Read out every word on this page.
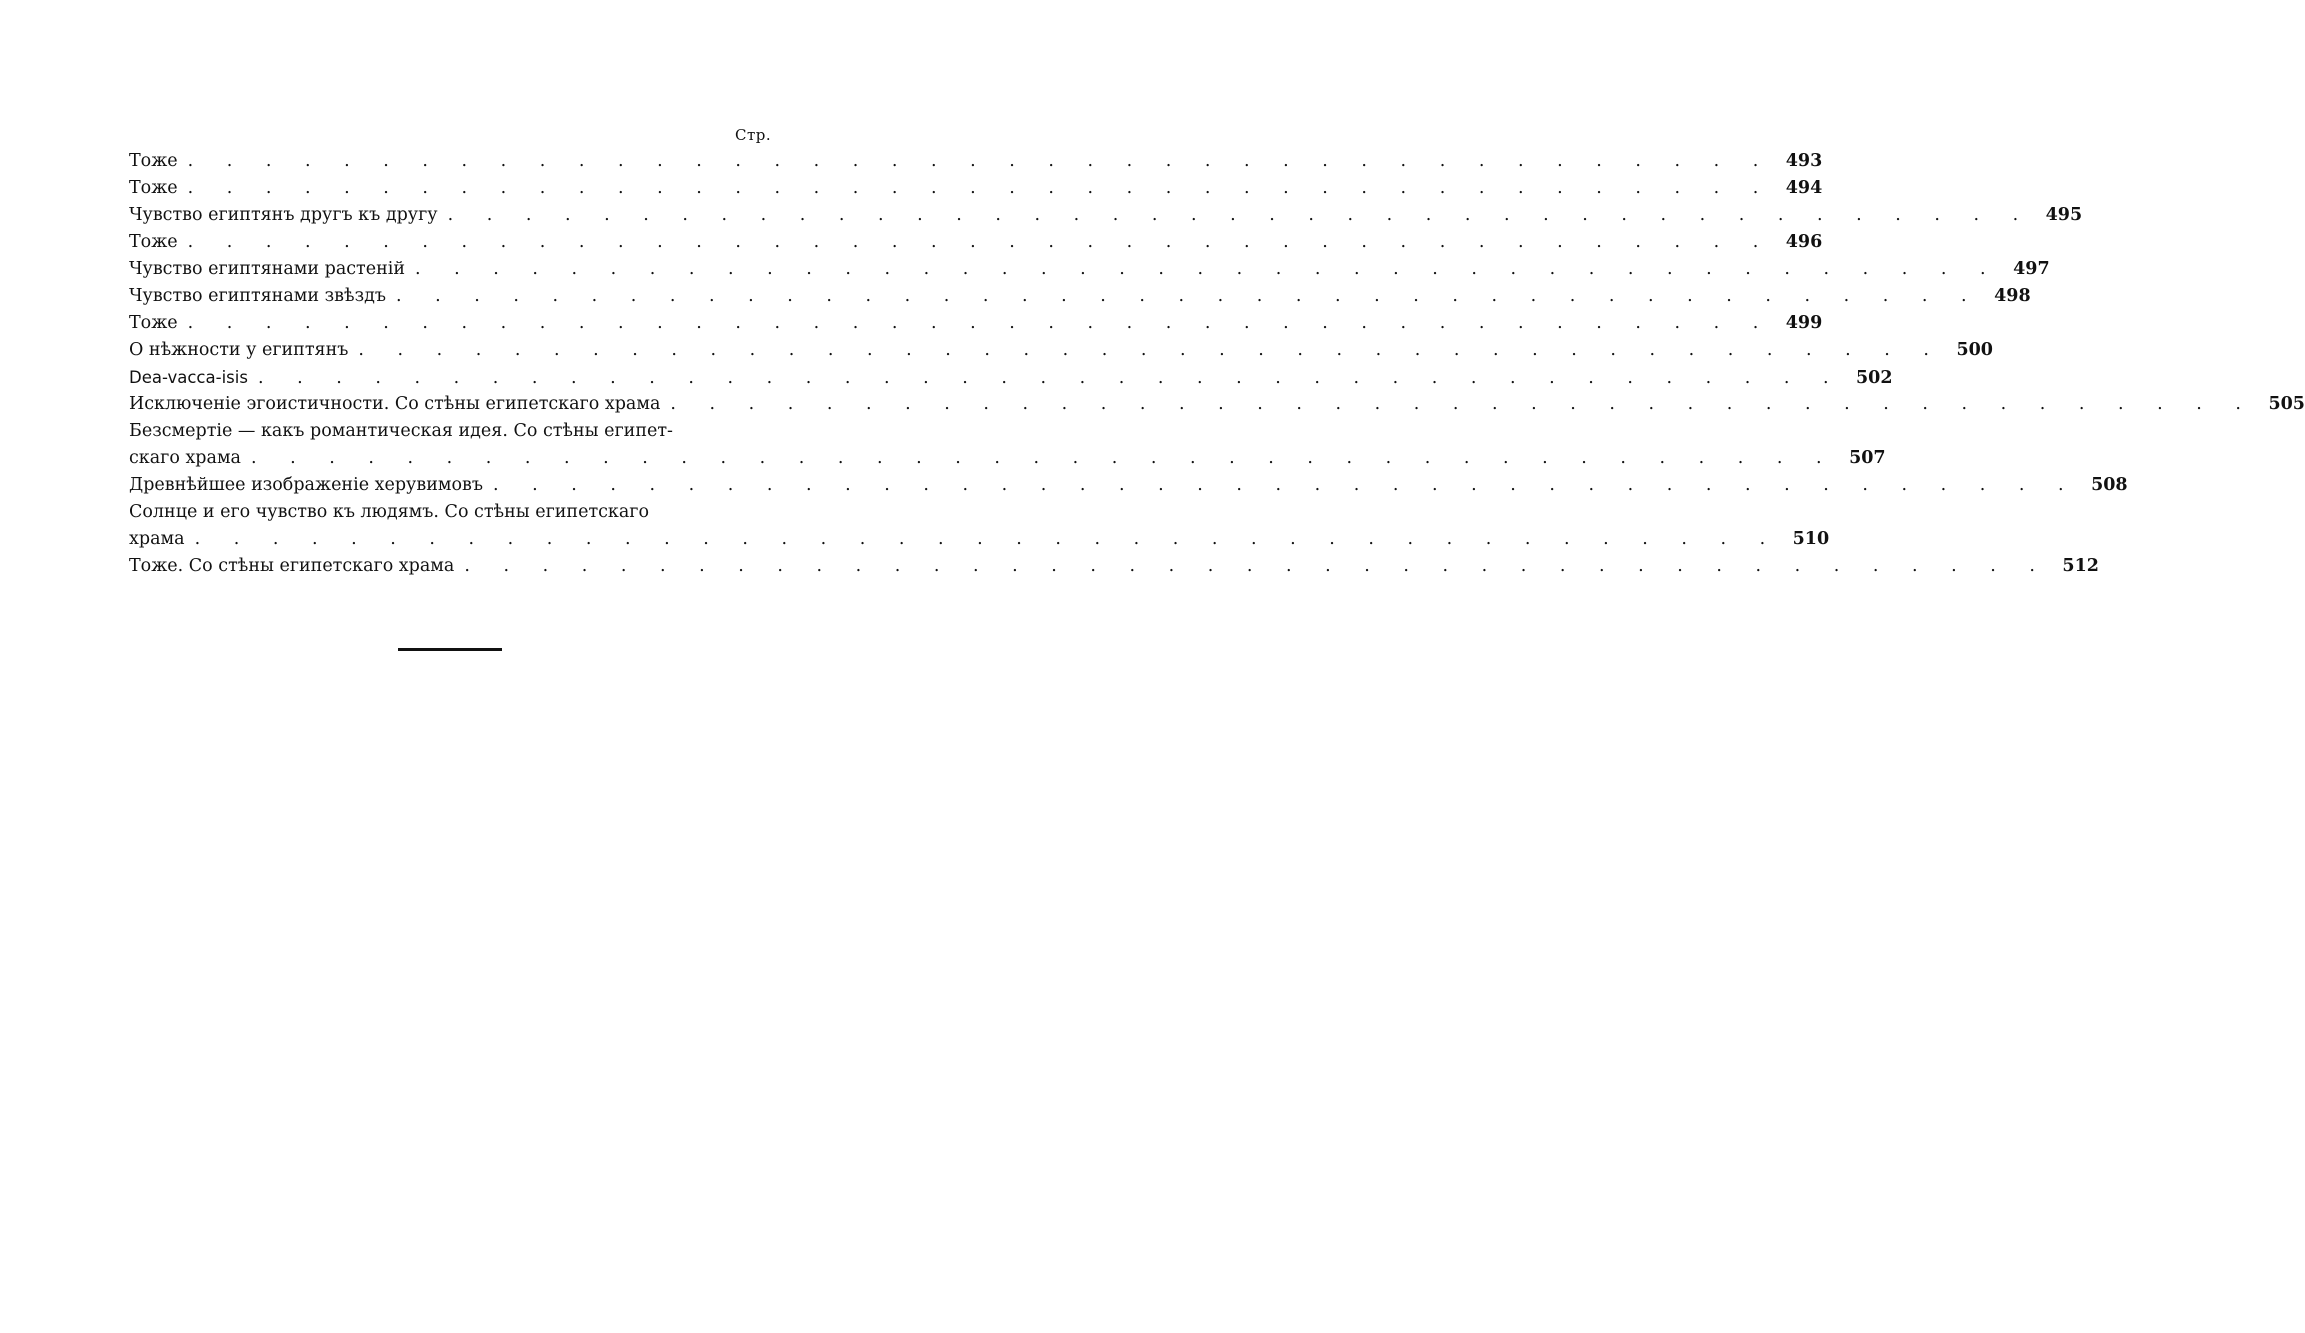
Стр.
Тоже . . . . . . . . . . . . . . . . . . . . . . . . . . . . . . . . . . . . . . . . . 493
Тоже . . . . . . . . . . . . . . . . . . . . . . . . . . . . . . . . . . . . . . . . . 494
Чувство египтянъ другъ къ другу . . . . . . . . . . . . . . . . . . . . . . . . . . . . . . . . . . . . . . . . . 495
Тоже . . . . . . . . . . . . . . . . . . . . . . . . . . . . . . . . . . . . . . . . . 496
Чувство египтянами растенiй . . . . . . . . . . . . . . . . . . . . . . . . . . . . . . . . . . . . . . . . . 497
Чувство египтянами звѣздъ . . . . . . . . . . . . . . . . . . . . . . . . . . . . . . . . . . . . . . . . . 498
Тоже . . . . . . . . . . . . . . . . . . . . . . . . . . . . . . . . . . . . . . . . . 499
О нѣжности у египтянъ . . . . . . . . . . . . . . . . . . . . . . . . . . . . . . . . . . . . . . . . . 500
Dea-vacca-isis . . . . . . . . . . . . . . . . . . . . . . . . . . . . . . . . . . . . . . . . . 502
Исключенiе эгоистичности. Со стѣны египетскаго храма . . . . . . . . . . . . . . . . . . . . . . . . . . . . . . . . . . . . . . . . . 505
Безсмертiе — какъ романтическая идея. Со стѣны египет-
скаго храма . . . . . . . . . . . . . . . . . . . . . . . . . . . . . . . . . . . . . . . . . 507
Древнѣйшее изображенiе херувимовъ . . . . . . . . . . . . . . . . . . . . . . . . . . . . . . . . . . . . . . . . . 508
Солнце и его чувство къ людямъ. Со стѣны египетскаго
храма . . . . . . . . . . . . . . . . . . . . . . . . . . . . . . . . . . . . . . . . . 510
Тоже. Со стѣны египетскаго храма . . . . . . . . . . . . . . . . . . . . . . . . . . . . . . . . . . . . . . . . . 512
